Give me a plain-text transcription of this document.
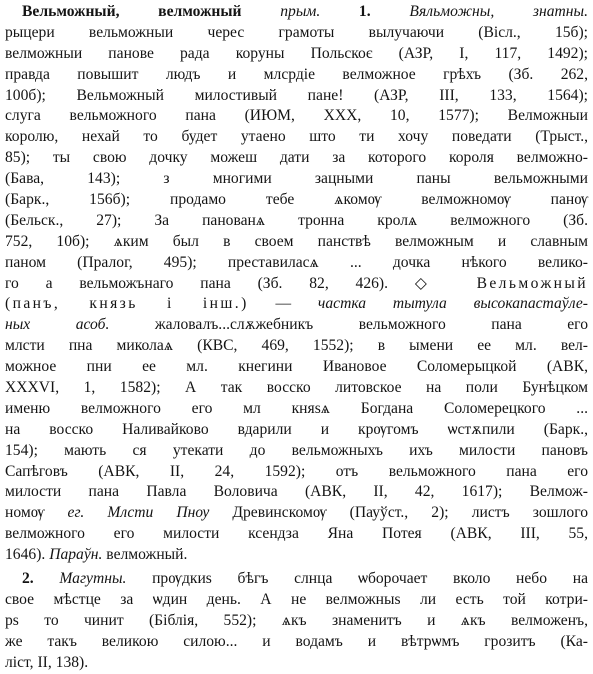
Вельможный, велможный прым. 1. Вяльможны, знатны.
рыцери вельможныи черес грамоты вылучаючи (Вісл., 15б);
велможныи панове рада коруны Польскоє (АЗР, І, 117, 1492);
правда повышит людъ и млсрдіе велможное грѣхъ (Зб. 262,
100б); Вельможный милостивый пане! (АЗР, III, 133, 1564);
слуга вельможного пана (ИЮМ, XXX, 10, 1577); Велможныи
королю, нехай то будет утаено што ти хочу поведати (Трыст.,
85); ты свою дочку можеш дати за которого короля велможно-
(Бава, 143); з многими зацными паны вельможными
(Барк., 156б); продамо тебе ѧкомѹ велможномѹ панѹ
(Бельск., 27); За панованѧ тронна кролѧ велможного (Зб.
752, 10б); ѧким был в своем панствѣ велможным и славным
паном (Пралог, 495); преставиласѧ ... дочка нѣкого велико-
го а вельможънаго пана (Зб. 82, 426). ◇ Вельможный
(панъ, князь і інш.) — частка тытула высокапастаўле-
ных асоб. жаловалъ...слѫжебникъ вельможного пана его
млсти пна миколаѧ (КВС, 469, 1552); в ымени ее мл. вел-
можное пни ее мл. кнегини Ивановое Соломерыцкой (АВК,
XXXVI, 1, 1582); А так восско литовское на поли Бунѣцком
именю велможного его мл княѕѧ Богдана Соломерецкого ...
на восско Наливайково вдарили и крѹгомъ ѡстѫпили (Барк.,
154); мають ся утекати до вельможныхъ ихъ милости пановъ
Сапѣговъ (АВК, ІІ, 24, 1592); отъ вельможного пана его
милости пана Павла Воловича (АВК, II, 42, 1617); Велмож-
номѹ ег. Млсти Пнѹ Древинскомѹ (Пауўст., 2); листъ зошлого
велможного его милости ксендза Яна Потея (АВК, III, 55,
1646). Параўн. велможный.
2. Магутны. прѹдкиѕ бѣгъ слнца ѡборочает вколо небо на
свое мѣстце за ѡдин день. А не велможныѕ ли есть той котри-
рѕ то чинит (Біблія, 552); ѧкъ знаменитъ и ѧкъ велможенъ,
же такъ великою силою... и водамъ и вѣтрѡмъ грозитъ (Ка-
ліст, II, 138).
